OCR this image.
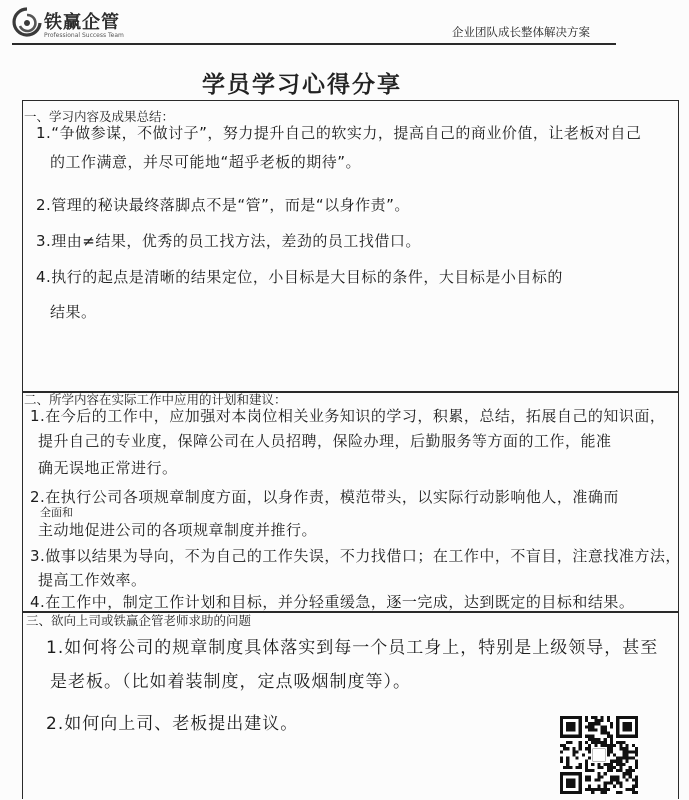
铁赢企管
Professional Success Team	企业团队成长整体解决方案
学员学习心得分享
一、学习内容及成果总结：
1.“争做参谋，不做讨子”，努力提升自己的软实力，提高自己的商业价值，让老板对自己
的工作满意，并尽可能地“超乎老板的期待”。
2.管理的秘诀最终落脚点不是“管”，而是“以身作责”。
3.理由≠结果，优秀的员工找方法，差劲的员工找借口。
4.执行的起点是清晰的结果定位，小目标是大目标的条件，大目标是小目标的
结果。
二、所学内容在实际工作中应用的计划和建议：
1.在今后的工作中，应加强对本岗位相关业务知识的学习，积累，总结，拓展自己的知识面，
提升自己的专业度，保障公司在人员招聘，保险办理，后勤服务等方面的工作，能准
确无误地正常进行。
2.在执行公司各项规章制度方面，以身作责，模范带头，以实际行动影响他人，准确而
全面和
主动地促进公司的各项规章制度并推行。
3.做事以结果为导向，不为自己的工作失误，不力找借口；在工作中，不盲目，注意找准方法，
提高工作效率。
4.在工作中，制定工作计划和目标，并分轻重缓急，逐一完成，达到既定的目标和结果。
三、欲向上司或铁赢企管老师求助的问题
1.如何将公司的规章制度具体落实到每一个员工身上，特别是上级领导，甚至
是老板。（比如着装制度，定点吸烟制度等）。
2.如何向上司、老板提出建议。
